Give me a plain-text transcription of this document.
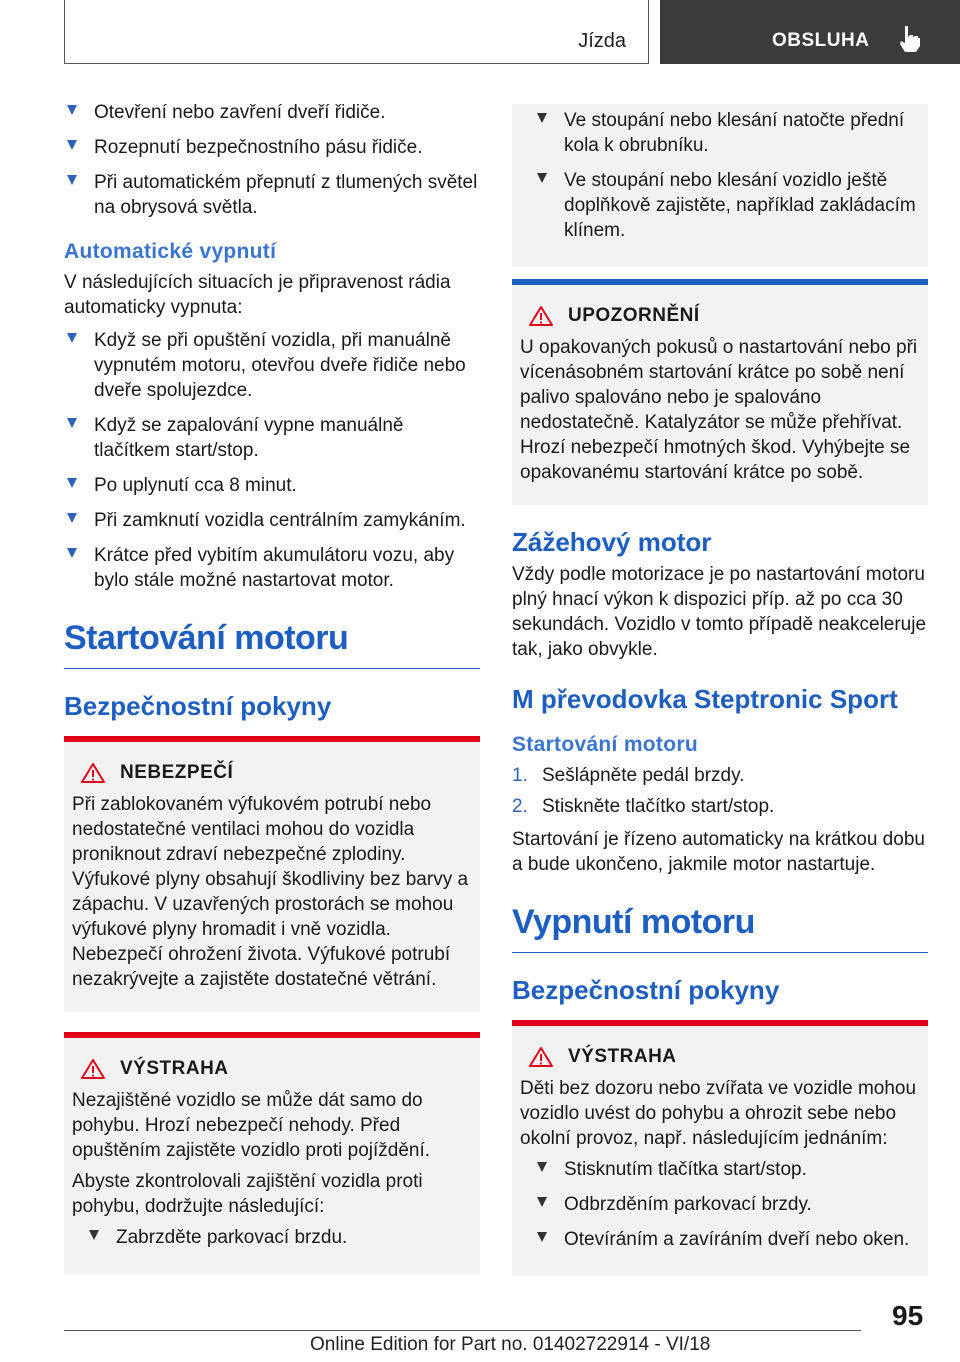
Jízda	OBSLUHA
Otevření nebo zavření dveří řidiče.
Rozepnutí bezpečnostního pásu řidiče.
Při automatickém přepnutí z tlumených světel na obrysová světla.
Automatické vypnutí

V následujících situacích je připravenost rádia automaticky vypnuta:

Když se při opuštění vozidla, při manuálně vypnutém motoru, otevřou dveře řidiče nebo dveře spolujezdce.
Když se zapalování vypne manuálně tlačítkem start/stop.
Po uplynutí cca 8 minut.
Při zamknutí vozidla centrálním zamykáním.
Krátce před vybitím akumulátoru vozu, aby bylo stále možné nastartovat motor.
Startování motoru
Bezpečnostní pokyny
NEBEZPEČÍ

Při zablokovaném výfukovém potrubí nebo nedostatečné ventilaci mohou do vozidla proniknout zdraví nebezpečné zplodiny. Výfukové plyny obsahují škodliviny bez barvy a zápachu. V uzavřených prostorách se mohou výfukové plyny hromadit i vně vozidla. Nebezpečí ohrožení života. Výfukové potrubí nezakrývejte a zajistěte dostatečné větrání.

VÝSTRAHA

Nezajištěné vozidlo se může dát samo do pohybu. Hrozí nebezpečí nehody. Před opuštěním zajistěte vozidlo proti pojíždění.

Abyste zkontrolovali zajištění vozidla proti pohybu, dodržujte následující:

Zabrzděte parkovací brzdu.
Ve stoupání nebo klesání natočte přední kola k obrubníku.
Ve stoupání nebo klesání vozidlo ještě doplňkově zajistěte, například zakládacím klínem.
UPOZORNĚNÍ

U opakovaných pokusů o nastartování nebo při vícenásobném startování krátce po sobě není palivo spalováno nebo je spalováno nedostatečně. Katalyzátor se může přehřívat. Hrozí nebezpečí hmotných škod. Vyhýbejte se opakovanému startování krátce po sobě.

Zážehový motor

Vždy podle motorizace je po nastartování motoru plný hnací výkon k dispozici příp. až po cca 30 sekundách. Vozidlo v tomto případě neakceleruje tak, jako obvykle.

M převodovka Steptronic Sport
Startování motoru
1. Sešlápněte pedál brzdy.
2. Stiskněte tlačítko start/stop.

Startování je řízeno automaticky na krátkou dobu a bude ukončeno, jakmile motor nastartuje.

Vypnutí motoru
Bezpečnostní pokyny
VÝSTRAHA

Děti bez dozoru nebo zvířata ve vozidle mohou vozidlo uvést do pohybu a ohrozit sebe nebo okolní provoz, např. následujícím jednáním:

Stisknutím tlačítka start/stop.
Odbrzděním parkovací brzdy.
Otevíráním a zavíráním dveří nebo oken.
95
Online Edition for Part no. 01402722914 - VI/18
